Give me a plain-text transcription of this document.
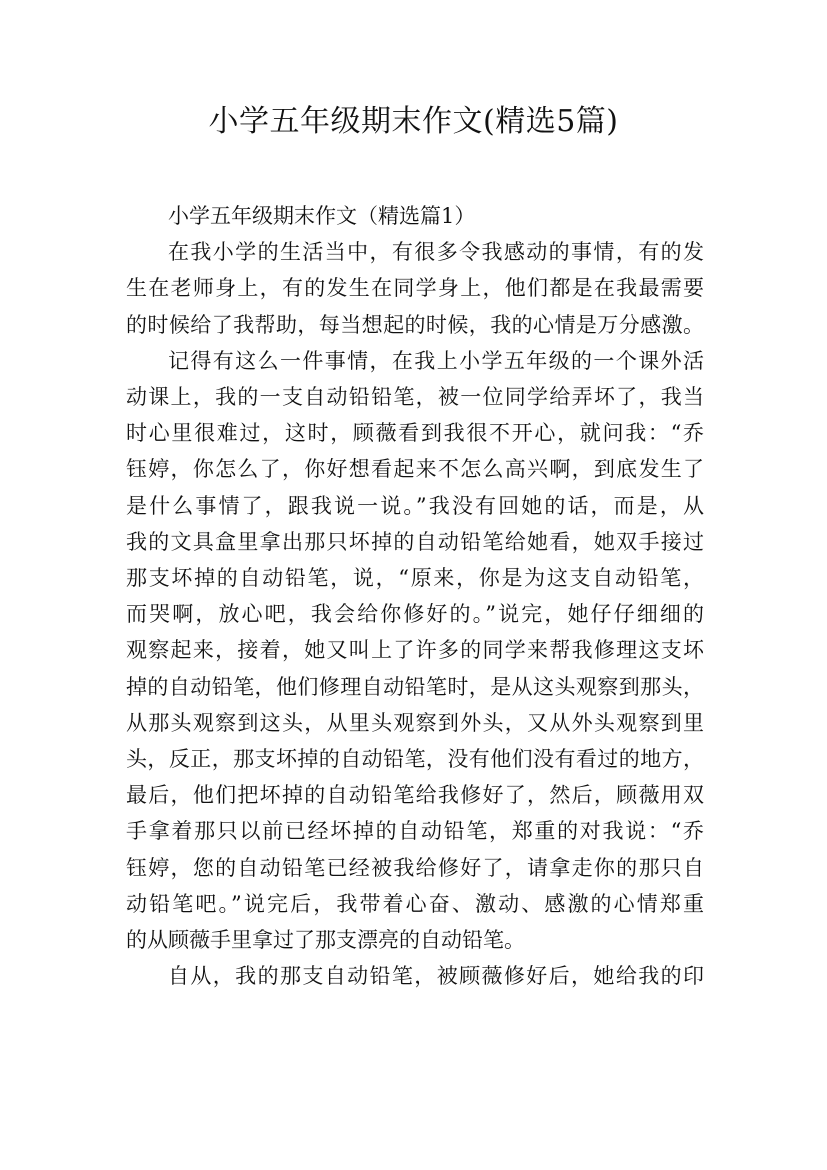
小学五年级期末作文(精选5篇)
小学五年级期末作文（精选篇1）
在我小学的生活当中，有很多令我感动的事情，有的发
生在老师身上，有的发生在同学身上，他们都是在我最需要
的时候给了我帮助，每当想起的时候，我的心情是万分感激。
记得有这么一件事情，在我上小学五年级的一个课外活
动课上，我的一支自动铅铅笔，被一位同学给弄坏了，我当
时心里很难过，这时，顾薇看到我很不开心，就问我：“乔
钰婷，你怎么了，你好想看起来不怎么高兴啊，到底发生了
是什么事情了，跟我说一说。”我没有回她的话，而是，从
我的文具盒里拿出那只坏掉的自动铅笔给她看，她双手接过
那支坏掉的自动铅笔，说，“原来，你是为这支自动铅笔，
而哭啊，放心吧，我会给你修好的。”说完，她仔仔细细的
观察起来，接着，她又叫上了许多的同学来帮我修理这支坏
掉的自动铅笔，他们修理自动铅笔时，是从这头观察到那头，
从那头观察到这头，从里头观察到外头，又从外头观察到里
头，反正，那支坏掉的自动铅笔，没有他们没有看过的地方，
最后，他们把坏掉的自动铅笔给我修好了，然后，顾薇用双
手拿着那只以前已经坏掉的自动铅笔，郑重的对我说：“乔
钰婷，您的自动铅笔已经被我给修好了，请拿走你的那只自
动铅笔吧。”说完后，我带着心奋、激动、感激的心情郑重
的从顾薇手里拿过了那支漂亮的自动铅笔。
自从，我的那支自动铅笔，被顾薇修好后，她给我的印
